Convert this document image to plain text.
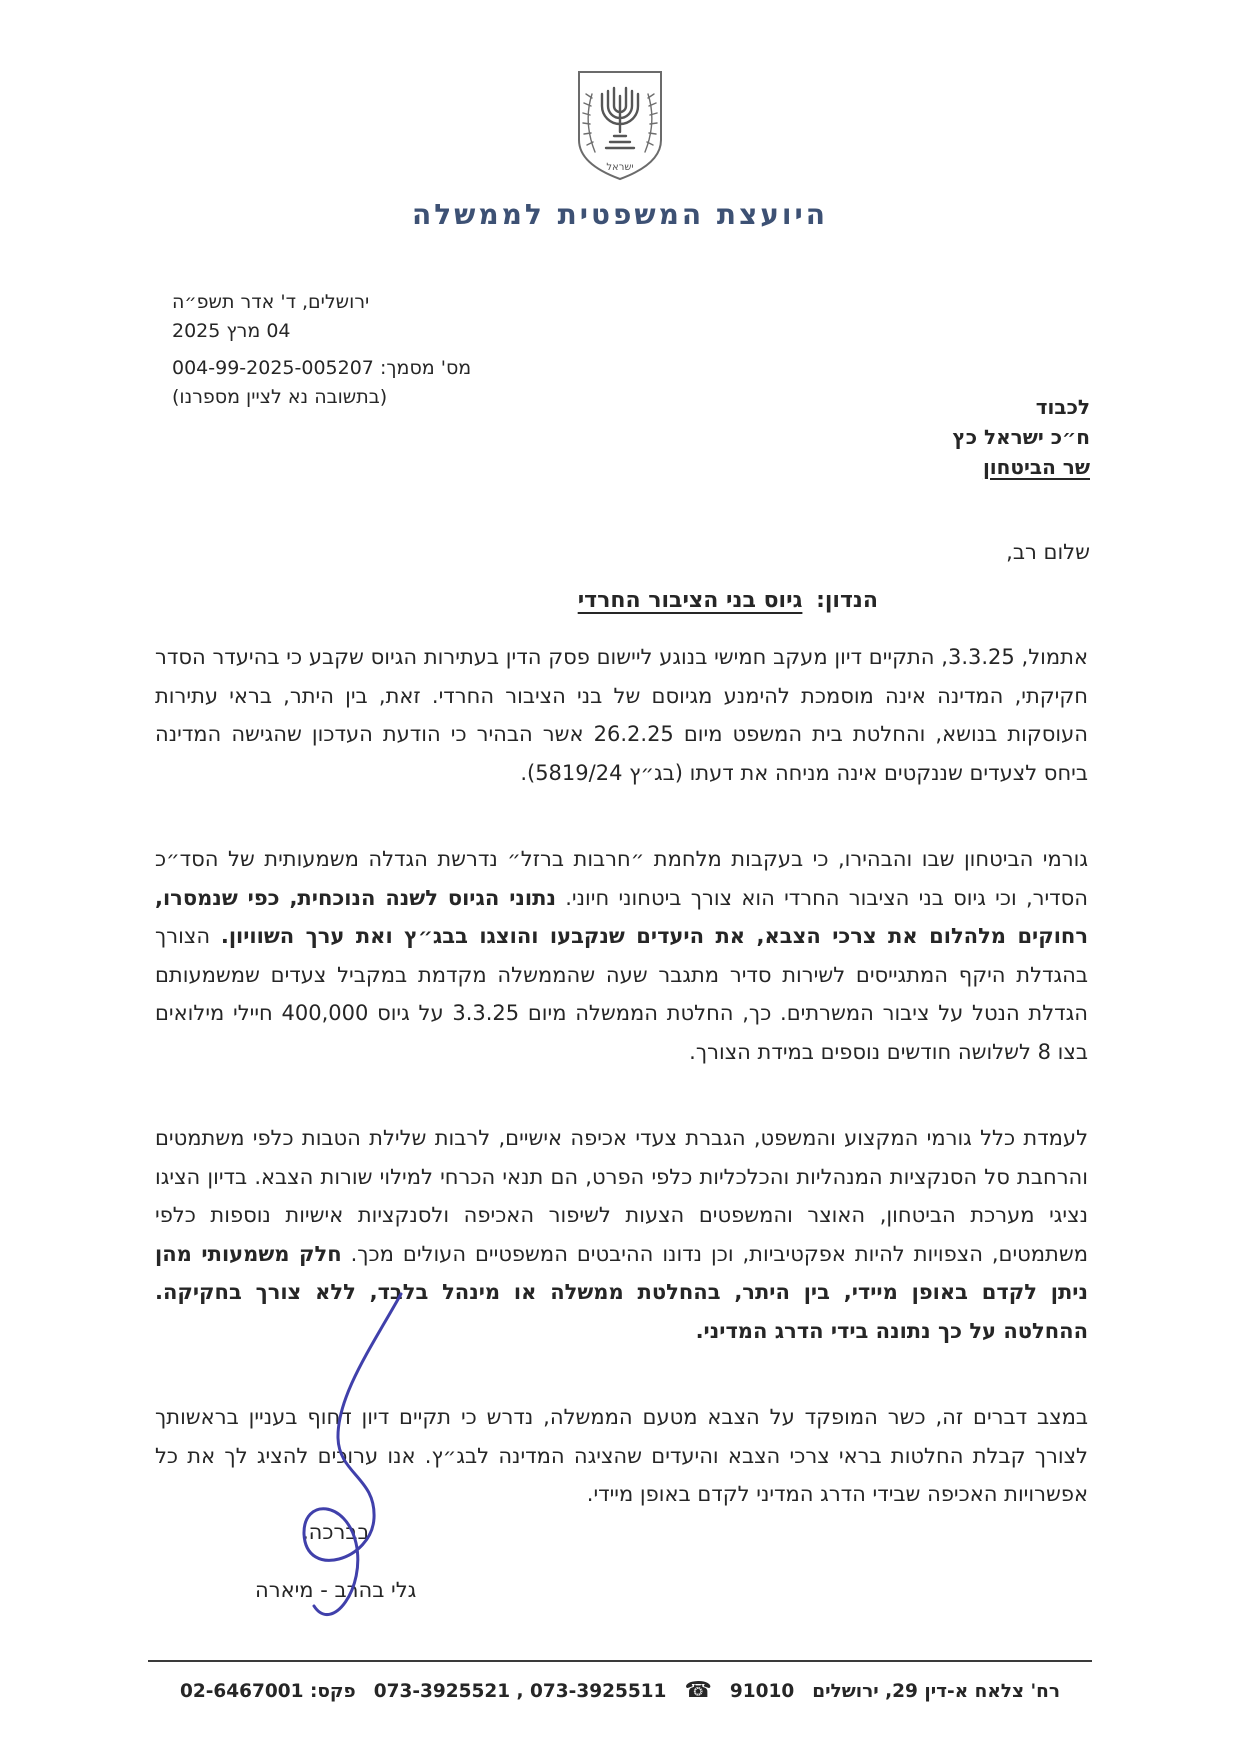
ישראל
היועצת המשפטית לממשלה
ירושלים, ד' אדר תשפ״ה
04 מרץ 2025
מס' מסמך: 004-99-2025-005207
(בתשובה נא לציין מספרנו)	לכבוד
ח״כ ישראל כץ
שר הביטחון
שלום רב,
הנדון: גיוס בני הציבור החרדי

אתמול, 3.3.25, התקיים דיון מעקב חמישי בנוגע ליישום פסק הדין בעתירות הגיוס שקבע כי בהיעדר הסדר חקיקתי, המדינה אינה מוסמכת להימנע מגיוסם של בני הציבור החרדי. זאת, בין היתר, בראי עתירות העוסקות בנושא, והחלטת בית המשפט מיום 26.2.25 אשר הבהיר כי הודעת העדכון שהגישה המדינה ביחס לצעדים שננקטים אינה מניחה את דעתו (בג״ץ 5819/24).

גורמי הביטחון שבו והבהירו, כי בעקבות מלחמת ״חרבות ברזל״ נדרשת הגדלה משמעותית של הסד״כ הסדיר, וכי גיוס בני הציבור החרדי הוא צורך ביטחוני חיוני. נתוני הגיוס לשנה הנוכחית, כפי שנמסרו, רחוקים מלהלום את צרכי הצבא, את היעדים שנקבעו והוצגו בבג״ץ ואת ערך השוויון. הצורך בהגדלת היקף המתגייסים לשירות סדיר מתגבר שעה שהממשלה מקדמת במקביל צעדים שמשמעותם הגדלת הנטל על ציבור המשרתים. כך, החלטת הממשלה מיום 3.3.25 על גיוס 400,000 חיילי מילואים בצו 8 לשלושה חודשים נוספים במידת הצורך.

לעמדת כלל גורמי המקצוע והמשפט, הגברת צעדי אכיפה אישיים, לרבות שלילת הטבות כלפי משתמטים והרחבת סל הסנקציות המנהליות והכלכליות כלפי הפרט, הם תנאי הכרחי למילוי שורות הצבא. בדיון הציגו נציגי מערכת הביטחון, האוצר והמשפטים הצעות לשיפור האכיפה ולסנקציות אישיות נוספות כלפי משתמטים, הצפויות להיות אפקטיביות, וכן נדונו ההיבטים המשפטיים העולים מכך. חלק משמעותי מהן ניתן לקדם באופן מיידי, בין היתר, בהחלטת ממשלה או מינהל בלבד, ללא צורך בחקיקה. ההחלטה על כך נתונה בידי הדרג המדיני.

במצב דברים זה, כשר המופקד על הצבא מטעם הממשלה, נדרש כי תקיים דיון דחוף בעניין בראשותך לצורך קבלת החלטות בראי צרכי הצבא והיעדים שהציגה המדינה לבג״ץ. אנו ערוכים להציג לך את כל אפשרויות האכיפה שבידי הדרג המדיני לקדם באופן מיידי.

בברכה,
גלי בהרב - מיארה
רח' צלאח א-דין 29, ירושלים
91010
☎
073-3925521 , 073-3925511
פקס: 02-6467001
